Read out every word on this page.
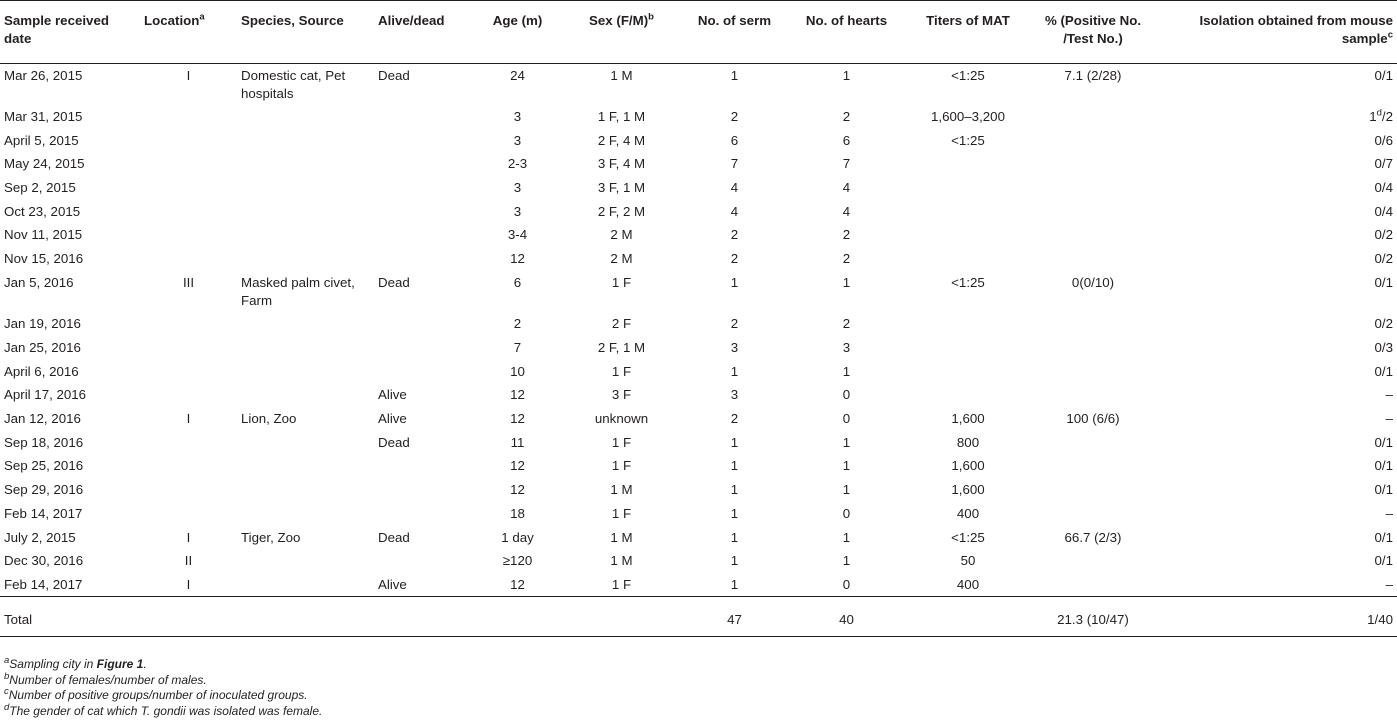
Sample received date	Location$^a$	Species, Source	Alive/dead	Age (m)	Sex $(F/M)^b$	No. of serm	No. of hearts	Titers of MAT	% (Positive No. /Test No.)	Isolation obtained from mouse sample$^c$
Mar 26, 2015	I	Domestic cat, Pet hospitals	Dead	24	1 M	1	1	<1:25	7.1 (2/28)	0/1
Mar 31, 2015				3	1 F, 1 M	2	2	1,600–3,200		1$^d$/2
April 5, 2015				3	2 F, 4 M	6	6	<1:25		0/6
May 24, 2015				2-3	3 F, 4 M	7	7			0/7
Sep 2, 2015				3	3 F, 1 M	4	4			0/4
Oct 23, 2015				3	2 F, 2 M	4	4			0/4
Nov 11, 2015				3-4	2 M	2	2			0/2
Nov 15, 2016				12	2 M	2	2			0/2
Jan 5, 2016	III	Masked palm civet, Farm	Dead	6	1 F	1	1	<1:25	0(0/10)	0/1
Jan 19, 2016				2	2 F	2	2			0/2
Jan 25, 2016				7	2 F, 1 M	3	3			0/3
April 6, 2016				10	1 F	1	1			0/1
April 17, 2016			Alive	12	3 F	3	0			–
Jan 12, 2016	I	Lion, Zoo	Alive	12	unknown	2	0	1,600	100 (6/6)	–
Sep 18, 2016			Dead	11	1 F	1	1	800		0/1
Sep 25, 2016				12	1 F	1	1	1,600		0/1
Sep 29, 2016				12	1 M	1	1	1,600		0/1
Feb 14, 2017				18	1 F	1	0	400		–
July 2, 2015	I	Tiger, Zoo	Dead	1 day	1 M	1	1	<1:25	66.7 (2/3)	0/1
Dec 30, 2016	II			≥120	1 M	1	1	50		0/1
Feb 14, 2017	I		Alive	12	1 F	1	0	400		–
Total						47	40		21.3 (10/47)	1/40
$^a$Sampling city in Figure 1.
$^b$Number of females/number of males.
$^c$Number of positive groups/number of inoculated groups.
$^d$The gender of cat which T. gondii was isolated was female.
